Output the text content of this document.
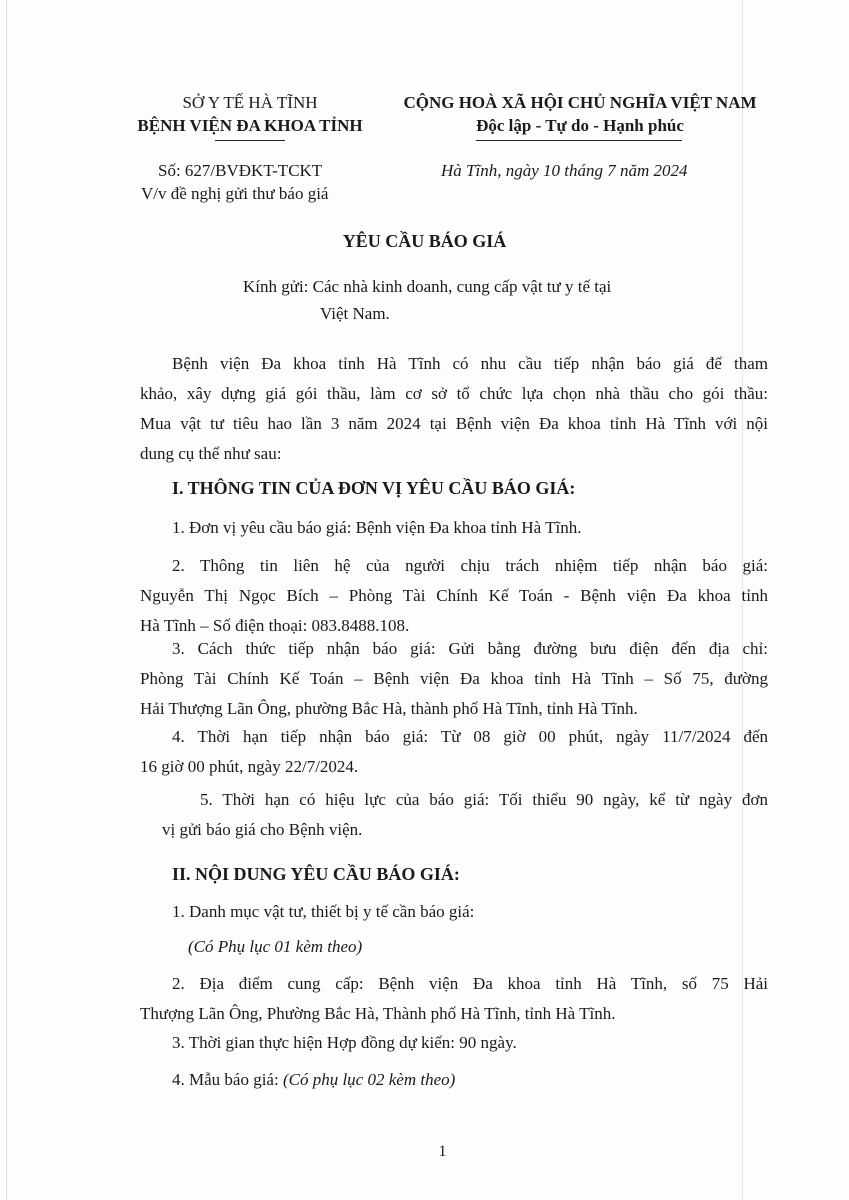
SỞ Y TẾ HÀ TĨNH
BỆNH VIỆN ĐA KHOA TỈNH
CỘNG HOÀ XÃ HỘI CHỦ NGHĨA VIỆT NAM
Độc lập - Tự do - Hạnh phúc
Số: 627/BVĐKT-TCKT
V/v đề nghị gửi thư báo giá
Hà Tĩnh, ngày 10 tháng 7 năm 2024
YÊU CẦU BÁO GIÁ
Kính gửi: Các nhà kinh doanh, cung cấp vật tư y tế tại
Việt Nam.
Bệnh viện Đa khoa tỉnh Hà Tĩnh có nhu cầu tiếp nhận báo giá để tham
khảo, xây dựng giá gói thầu, làm cơ sở tổ chức lựa chọn nhà thầu cho gói thầu:
Mua vật tư tiêu hao lần 3 năm 2024 tại Bệnh viện Đa khoa tỉnh Hà Tĩnh với nội
dung cụ thể như sau:
I. THÔNG TIN CỦA ĐƠN VỊ YÊU CẦU BÁO GIÁ:
1. Đơn vị yêu cầu báo giá: Bệnh viện Đa khoa tỉnh Hà Tĩnh.
2. Thông tin liên hệ của người chịu trách nhiệm tiếp nhận báo giá:
Nguyễn Thị Ngọc Bích – Phòng Tài Chính Kế Toán - Bệnh viện Đa khoa tỉnh
Hà Tĩnh – Số điện thoại: 083.8488.108.
3. Cách thức tiếp nhận báo giá: Gửi bằng đường bưu điện đến địa chỉ:
Phòng Tài Chính Kế Toán – Bệnh viện Đa khoa tỉnh Hà Tĩnh – Số 75, đường
Hải Thượng Lãn Ông, phường Bắc Hà, thành phố Hà Tĩnh, tỉnh Hà Tĩnh.
4. Thời hạn tiếp nhận báo giá: Từ 08 giờ 00 phút, ngày 11/7/2024 đến
16 giờ 00 phút, ngày 22/7/2024.
5. Thời hạn có hiệu lực của báo giá: Tối thiểu 90 ngày, kể từ ngày đơn
vị gửi báo giá cho Bệnh viện.
II. NỘI DUNG YÊU CẦU BÁO GIÁ:
1. Danh mục vật tư, thiết bị y tế cần báo giá:
(Có Phụ lục 01 kèm theo)
2. Địa điểm cung cấp: Bệnh viện Đa khoa tỉnh Hà Tĩnh, số 75 Hải
Thượng Lãn Ông, Phường Bắc Hà, Thành phố Hà Tĩnh, tỉnh Hà Tĩnh.
3. Thời gian thực hiện Hợp đồng dự kiến: 90 ngày.
4. Mẫu báo giá: (Có phụ lục 02 kèm theo)
1
